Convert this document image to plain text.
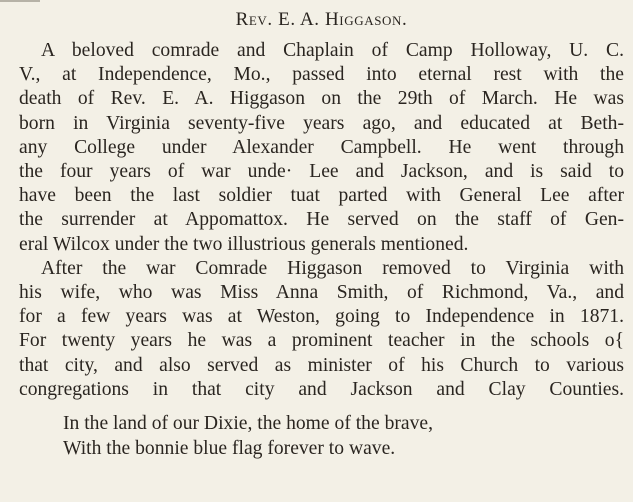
Rev. E. A. Higgason.
A beloved comrade and Chaplain of Camp Holloway, U. C.
V., at Independence, Mo., passed into eternal rest with the
death of Rev. E. A. Higgason on the 29th of March. He was
born in Virginia seventy-five years ago, and educated at Beth-
any College under Alexander Campbell. He went through
the four years of war unde· Lee and Jackson, and is said to
have been the last soldier tuat parted with General Lee after
the surrender at Appomattox. He served on the staff of Gen-
eral Wilcox under the two illustrious generals mentioned.
After the war Comrade Higgason removed to Virginia with
his wife, who was Miss Anna Smith, of Richmond, Va., and
for a few years was at Weston, going to Independence in 1871.
For twenty years he was a prominent teacher in the schools o{
that city, and also served as minister of his Church to various
congregations in that city and Jackson and Clay Counties.
In the land of our Dixie, the home of the brave,
With the bonnie blue flag forever to wave.
